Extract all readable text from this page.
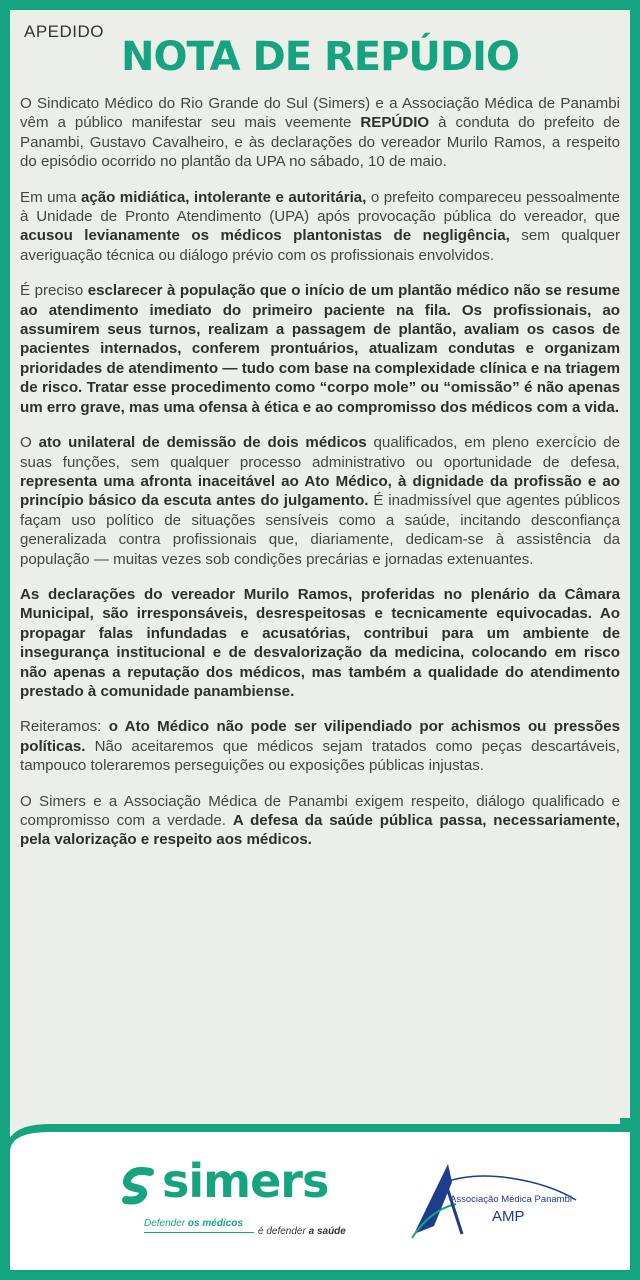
APEDIDO
NOTA DE REPÚDIO

O Sindicato Médico do Rio Grande do Sul (Simers) e a Associação Médica de Panambi vêm a público manifestar seu mais veemente REPÚDIO à conduta do prefeito de Panambi, Gustavo Cavalheiro, e às declarações do vereador Murilo Ramos, a respeito do episódio ocorrido no plantão da UPA no sábado, 10 de maio.

Em uma ação midiática, intolerante e autoritária, o prefeito compareceu pessoalmente à Unidade de Pronto Atendimento (UPA) após provocação pública do vereador, que acusou levianamente os médicos plantonistas de negligência, sem qualquer averiguação técnica ou diálogo prévio com os profissionais envolvidos.

É preciso esclarecer à população que o início de um plantão médico não se resume ao atendimento imediato do primeiro paciente na fila. Os profissionais, ao assumirem seus turnos, realizam a passagem de plantão, avaliam os casos de pacientes internados, conferem prontuários, atualizam condutas e organizam prioridades de atendimento — tudo com base na complexidade clínica e na triagem de risco. Tratar esse procedimento como “corpo mole” ou “omissão” é não apenas um erro grave, mas uma ofensa à ética e ao compromisso dos médicos com a vida.

O ato unilateral de demissão de dois médicos qualificados, em pleno exercício de suas funções, sem qualquer processo administrativo ou oportunidade de defesa, representa uma afronta inaceitável ao Ato Médico, à dignidade da profissão e ao princípio básico da escuta antes do julgamento. É inadmissível que agentes públicos façam uso político de situações sensíveis como a saúde, incitando desconfiança generalizada contra profissionais que, diariamente, dedicam-se à assistência da população — muitas vezes sob condições precárias e jornadas extenuantes.

As declarações do vereador Murilo Ramos, proferidas no plenário da Câmara Municipal, são irresponsáveis, desrespeitosas e tecnicamente equivocadas. Ao propagar falas infundadas e acusatórias, contribui para um ambiente de insegurança institucional e de desvalorização da medicina, colocando em risco não apenas a reputação dos médicos, mas também a qualidade do atendimento prestado à comunidade panambiense.

Reiteramos: o Ato Médico não pode ser vilipendiado por achismos ou pressões políticas. Não aceitaremos que médicos sejam tratados como peças descartáveis, tampouco toleraremos perseguições ou exposições públicas injustas.

O Simers e a Associação Médica de Panambi exigem respeito, diálogo qualificado e compromisso com a verdade. A defesa da saúde pública passa, necessariamente, pela valorização e respeito aos médicos.

simers
Defender os médicos
é defender a saúde
Associação Médica Panambi
AMP
